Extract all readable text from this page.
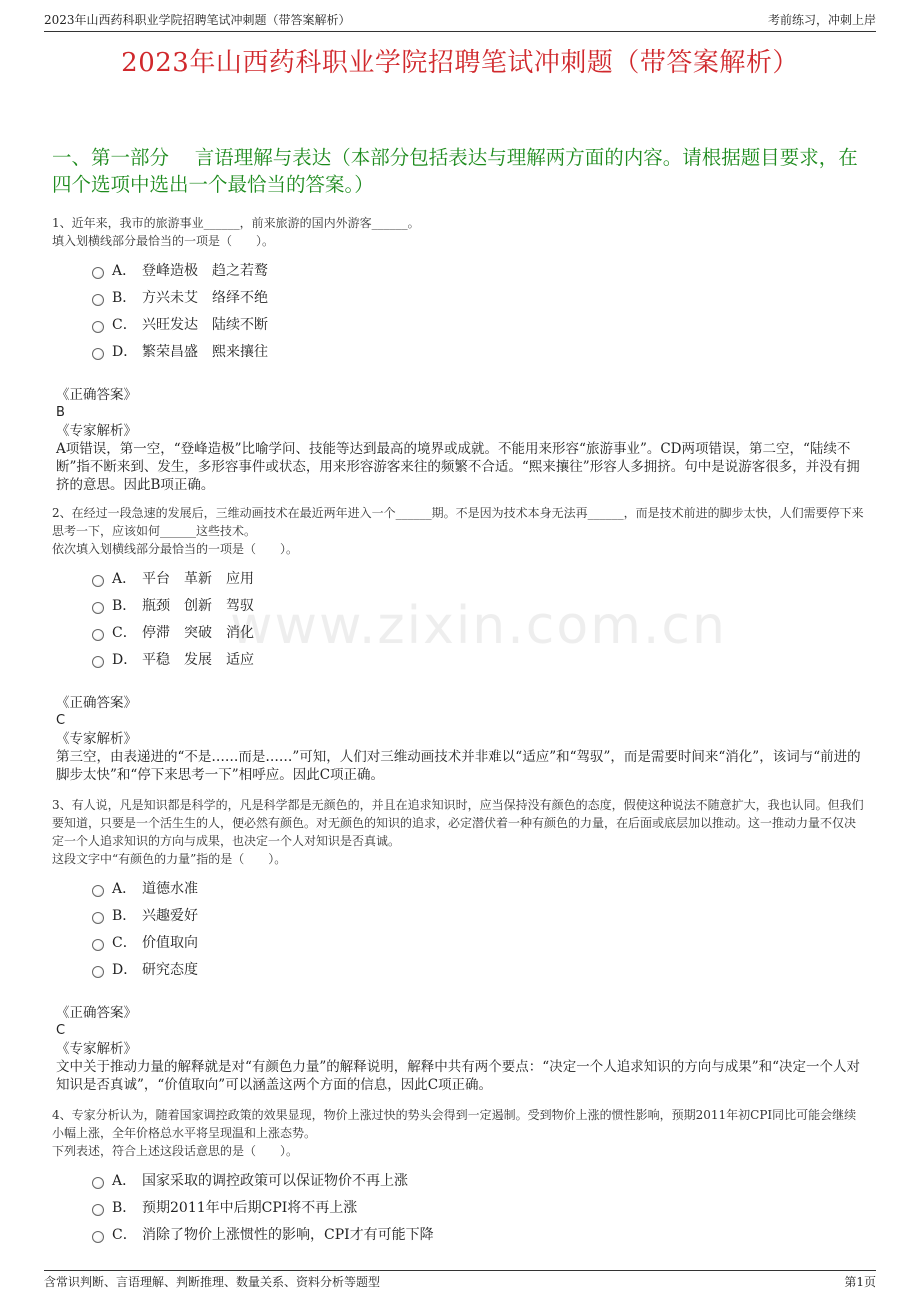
2023年山西药科职业学院招聘笔试冲刺题（带答案解析）	考前练习，冲刺上岸
2023年山西药科职业学院招聘笔试冲刺题（带答案解析）
一、第一部分　 言语理解与表达（本部分包括表达与理解两方面的内容。请根据题目要求，在四个选项中选出一个最恰当的答案。）
www.zixin.com.cn
1、近年来，我市的旅游事业______，前来旅游的国内外游客______。
填入划横线部分最恰当的一项是（　　）。
A． 登峰造极　趋之若鹜
B． 方兴未艾　络绎不绝
C． 兴旺发达　陆续不断
D． 繁荣昌盛　熙来攘往
《正确答案》
B
《专家解析》
A项错误，第一空，“登峰造极”比喻学问、技能等达到最高的境界或成就。不能用来形容“旅游事业”。CD两项错误，第二空，“陆续不断”指不断来到、发生，多形容事件或状态，用来形容游客来往的频繁不合适。“熙来攘往”形容人多拥挤。句中是说游客很多，并没有拥挤的意思。因此B项正确。
2、在经过一段急速的发展后，三维动画技术在最近两年进入一个______期。不是因为技术本身无法再______，而是技术前进的脚步太快，人们需要停下来思考一下，应该如何______这些技术。
依次填入划横线部分最恰当的一项是（　　）。
A． 平台　革新　应用
B． 瓶颈　创新　驾驭
C． 停滞　突破　消化
D． 平稳　发展　适应
《正确答案》
C
《专家解析》
第三空，由表递进的“不是……而是……”可知，人们对三维动画技术并非难以“适应”和“驾驭”，而是需要时间来“消化”，该词与“前进的脚步太快”和“停下来思考一下”相呼应。因此C项正确。
3、有人说，凡是知识都是科学的，凡是科学都是无颜色的，并且在追求知识时，应当保持没有颜色的态度，假使这种说法不随意扩大，我也认同。但我们要知道，只要是一个活生生的人，便必然有颜色。对无颜色的知识的追求，必定潜伏着一种有颜色的力量，在后面或底层加以推动。这一推动力量不仅决定一个人追求知识的方向与成果，也决定一个人对知识是否真诚。
这段文字中“有颜色的力量”指的是（　　）。
A． 道德水准
B． 兴趣爱好
C． 价值取向
D． 研究态度
《正确答案》
C
《专家解析》
文中关于推动力量的解释就是对“有颜色力量”的解释说明，解释中共有两个要点：“决定一个人追求知识的方向与成果”和“决定一个人对知识是否真诚”，“价值取向”可以涵盖这两个方面的信息，因此C项正确。
4、专家分析认为，随着国家调控政策的效果显现，物价上涨过快的势头会得到一定遏制。受到物价上涨的惯性影响，预期2011年初CPI同比可能会继续小幅上涨，全年价格总水平将呈现温和上涨态势。
下列表述，符合上述这段话意思的是（　　）。
A． 国家采取的调控政策可以保证物价不再上涨
B． 预期2011年中后期CPI将不再上涨
C． 消除了物价上涨惯性的影响，CPI才有可能下降
含常识判断、言语理解、判断推理、数量关系、资料分析等题型	第1页
